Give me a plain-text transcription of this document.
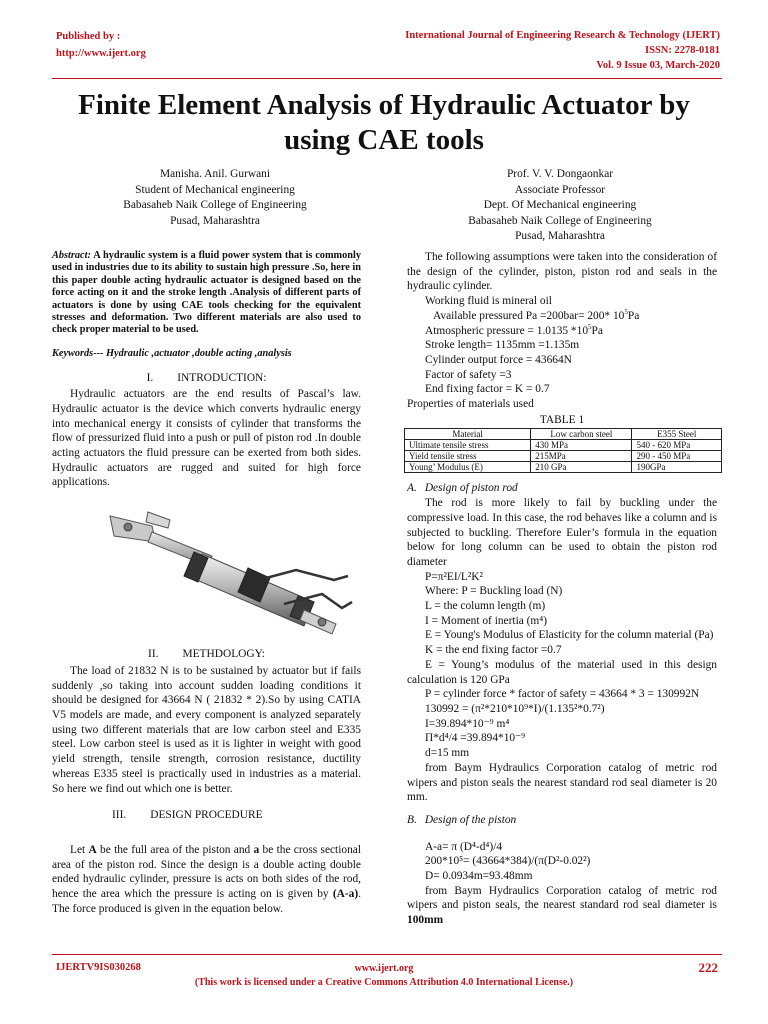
Published by :
http://www.ijert.org
International Journal of Engineering Research & Technology (IJERT)
ISSN: 2278-0181
Vol. 9 Issue 03, March-2020
Finite Element Analysis of Hydraulic Actuator by
using CAE tools
Manisha. Anil. Gurwani
Student of Mechanical engineering
Babasaheb Naik College of Engineering
Pusad, Maharashtra
Prof. V. V. Dongaonkar
Associate Professor
Dept. Of Mechanical engineering
Babasaheb Naik College of Engineering
Pusad, Maharashtra
Abstract: A hydraulic system is a fluid power system that is commonly used in industries due to its ability to sustain high pressure .So, here in this paper double acting hydraulic actuator is designed based on the force acting on it and the stroke length .Analysis of different parts of actuators is done by using CAE tools checking for the equivalent stresses and deformation. Two different materials are also used to check proper material to be used.
Keywords--- Hydraulic ,actuator ,double acting ,analysis
I. INTRODUCTION:

Hydraulic actuators are the end results of Pascal’s law. Hydraulic actuator is the device which converts hydraulic energy into mechanical energy it consists of cylinder that transforms the flow of pressurized fluid into a push or pull of piston rod .In double acting actuators the fluid pressure can be exerted from both sides. Hydraulic actuators are rugged and suited for high force applications.

II. METHDOLOGY:

The load of 21832 N is to be sustained by actuator but if fails suddenly ,so taking into account sudden loading conditions it should be designed for 43664 N ( 21832 * 2).So by using CATIA V5 models are made, and every component is analyzed separately using two different materials that are low carbon steel and E335 steel. Low carbon steel is used as it is lighter in weight with good yield strength, tensile strength, corrosion resistance, ductility whereas E335 steel is practically used in industries as a material. So here we find out which one is better.

III. DESIGN PROCEDURE

Let A be the full area of the piston and a be the cross sectional area of the piston rod. Since the design is a double acting double ended hydraulic cylinder, pressure is acts on both sides of the rod, hence the area which the pressure is acting on is given by (A-a). The force produced is given in the equation below.

The following assumptions were taken into the consideration of the design of the cylinder, piston, piston rod and seals in the hydraulic cylinder.

Working fluid is mineral oil
Available pressured Pa =200bar= 200* $10^5Pa$
Atmospheric pressure = 1.0135 $*10^5Pa$
Stroke length= 1135mm =1.135m
Cylinder output force = 43664N
Factor of safety =3
End fixing factor = K = 0.7
Properties of materials used
TABLE 1
Material	Low carbon steel	E355 Steel
Ultimate tensile stress	430 MPa	540 - 620 MPa
Yield tensile stress	215MPa	290 - 450 MPa
Young’ Modulus (E)	210 GPa	190GPa
A. Design of piston rod

The rod is more likely to fail by buckling under the compressive load. In this case, the rod behaves like a column and is subjected to buckling. Therefore Euler’s formula in the equation below for long column can be used to obtain the piston rod diameter

P=π²EI/L²K²
Where: P = Buckling load (N)
L = the column length (m)
I = Moment of inertia (m⁴)

E = Young's Modulus of Elasticity for the column material (Pa)

K = the end fixing factor =0.7

E = Young’s modulus of the material used in this design calculation is 120 GPa

P = cylinder force * factor of safety = 43664 * 3 = 130992N

130992 = (π²*210*10⁹*I)/(1.135²*0.7²)
I=39.894*10⁻⁹ m⁴
Π*d⁴/4 =39.894*10⁻⁹
d=15 mm

from Baym Hydraulics Corporation catalog of metric rod wipers and piston seals the nearest standard rod seal diameter is 20 mm.

B. Design of the piston
A-a= π (D⁴-d⁴)/4
200*10⁵= (43664*384)/(π(D²-0.02²)
D= 0.0934m=93.48mm

from Baym Hydraulics Corporation catalog of metric rod wipers and piston seals, the nearest standard rod seal diameter is 100mm

IJERTV9IS030268	www.ijert.org
(This work is licensed under a Creative Commons Attribution 4.0 International License.)
222
